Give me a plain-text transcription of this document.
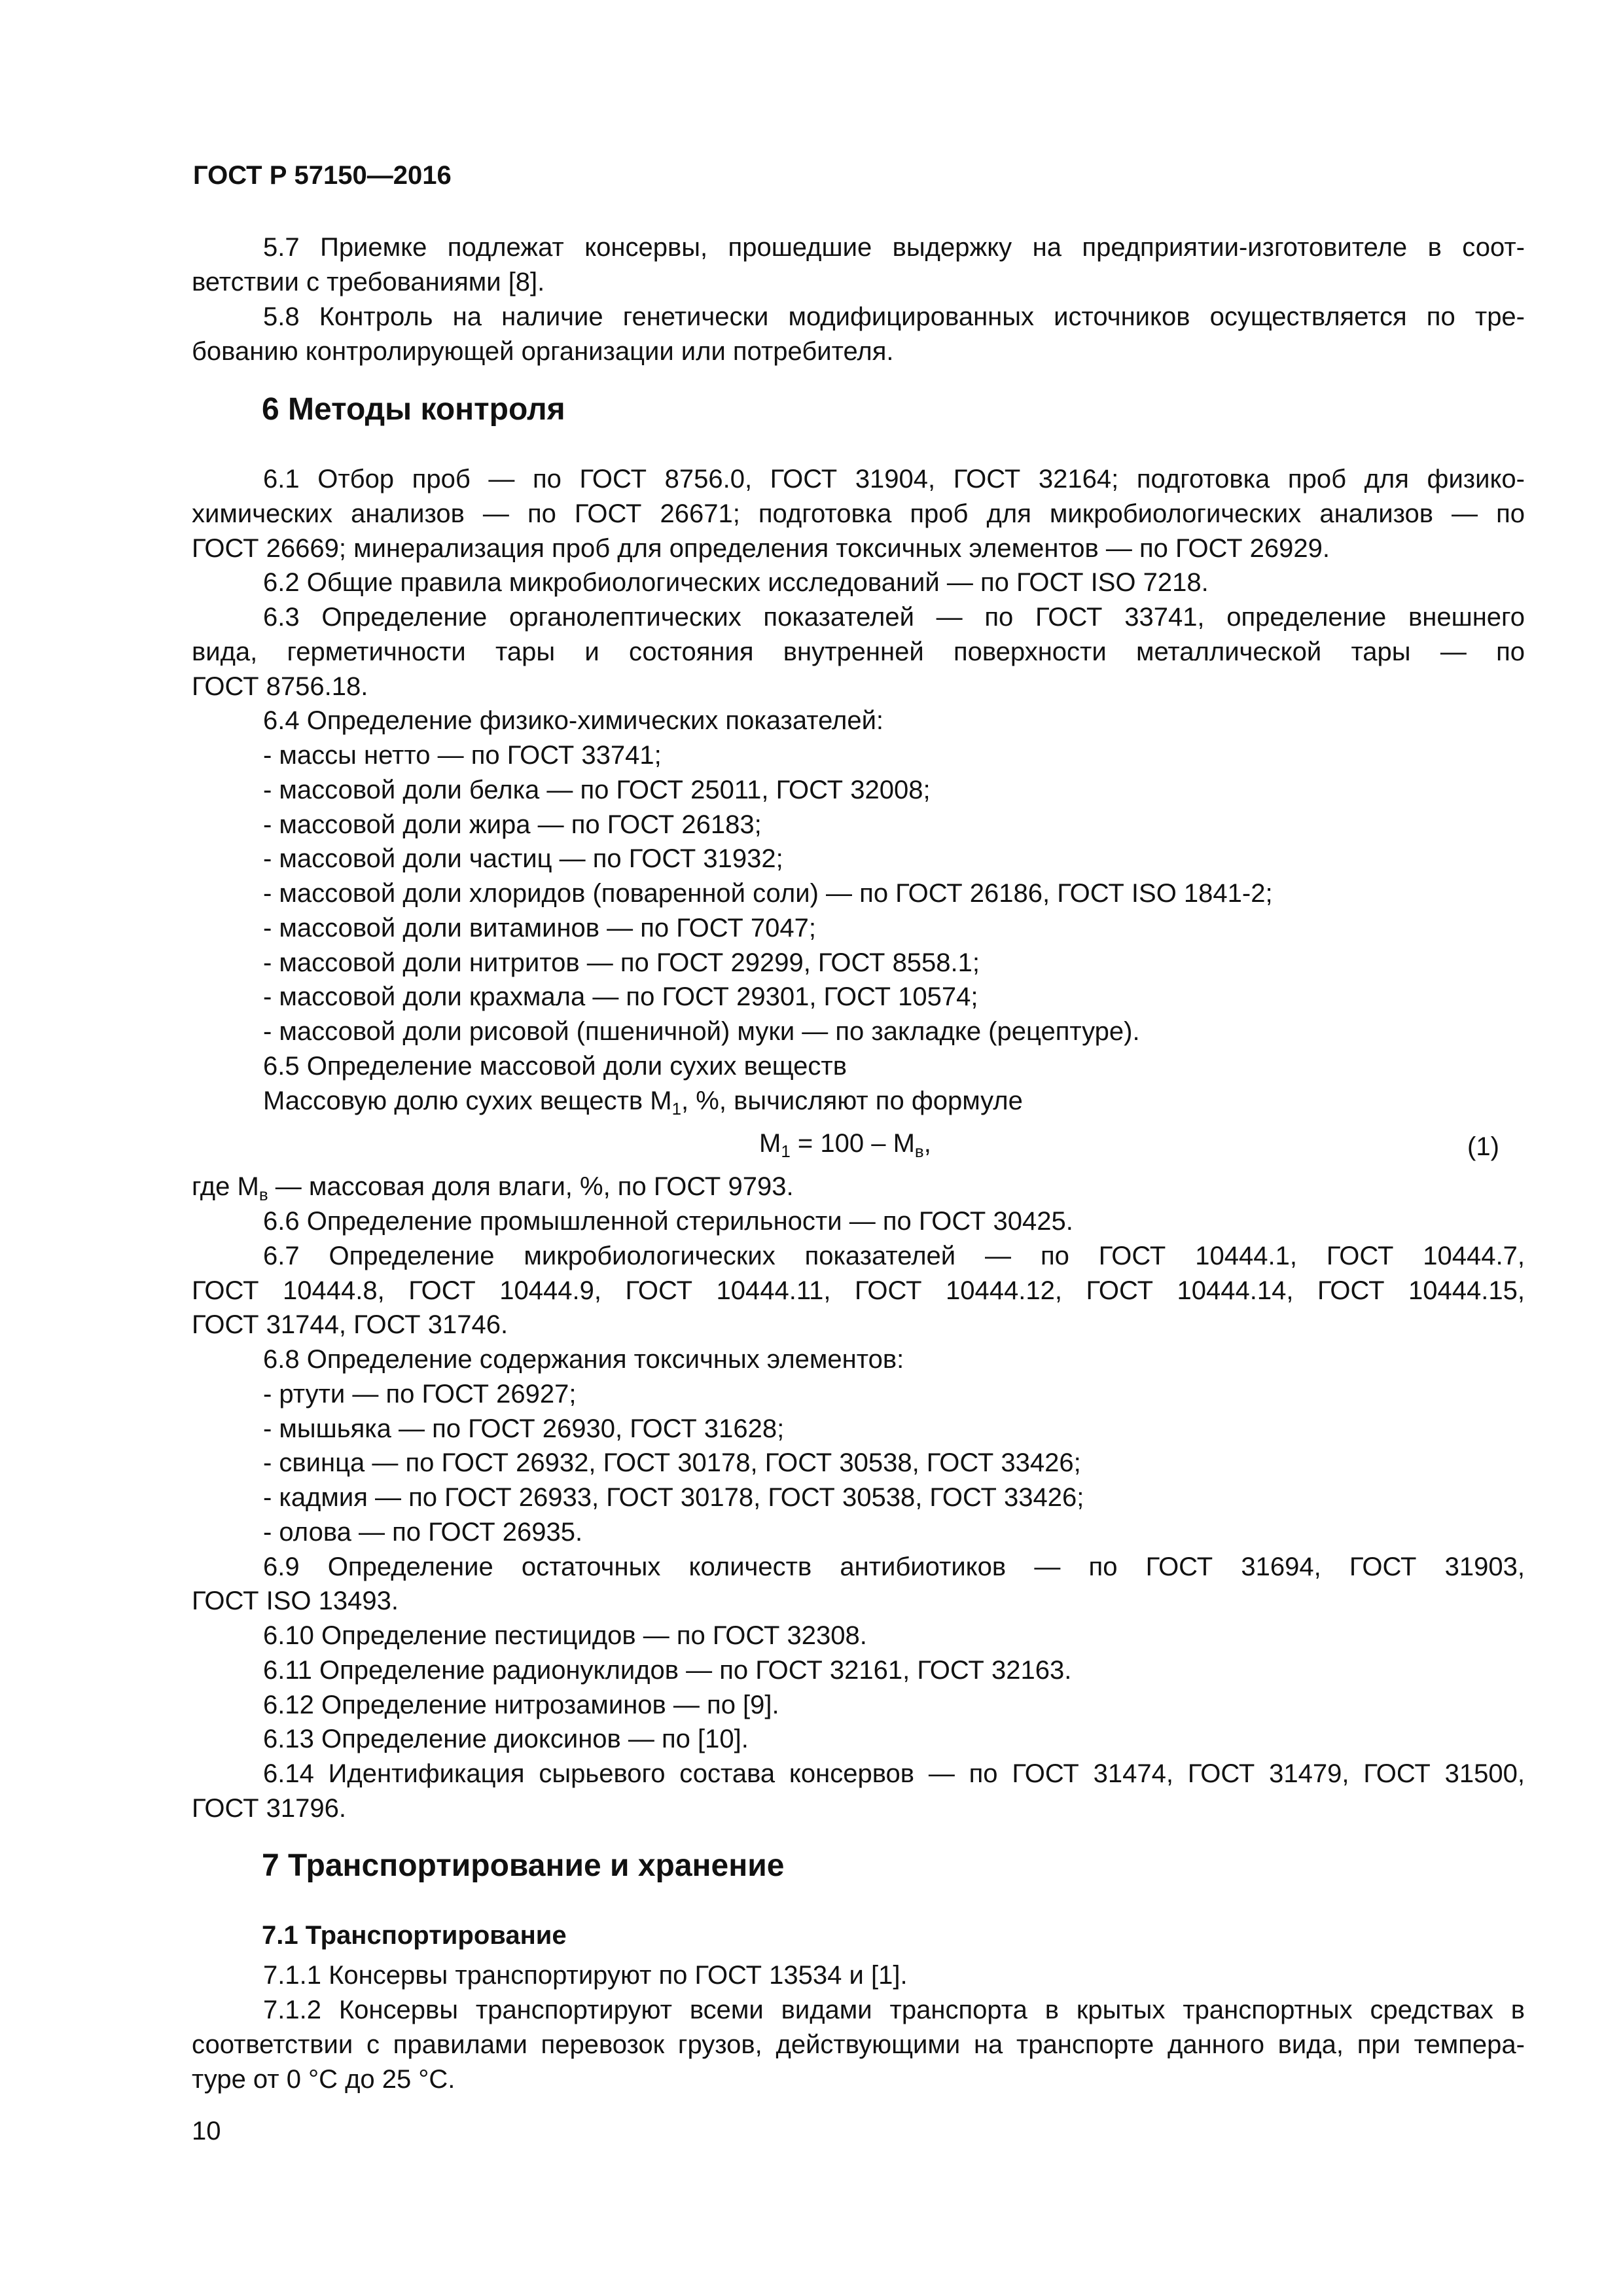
ГОСТ Р 57150—2016
5.7 Приемке подлежат консервы, прошедшие выдержку на предприятии-изготовителе в соот-
ветствии с требованиями [8].
5.8 Контроль на наличие генетически модифицированных источников осуществляется по тре-
бованию контролирующей организации или потребителя.
6 Методы контроля
6.1 Отбор проб — по ГОСТ 8756.0, ГОСТ 31904, ГОСТ 32164; подготовка проб для физико-
химических анализов — по ГОСТ 26671; подготовка проб для микробиологических анализов — по
ГОСТ 26669; минерализация проб для определения токсичных элементов — по ГОСТ 26929.
6.2 Общие правила микробиологических исследований — по ГОСТ ISO 7218.
6.3 Определение органолептических показателей — по ГОСТ 33741, определение внешнего
вида, герметичности тары и состояния внутренней поверхности металлической тары — по
ГОСТ 8756.18.
6.4 Определение физико-химических показателей:
- массы нетто — по ГОСТ 33741;
- массовой доли белка — по ГОСТ 25011, ГОСТ 32008;
- массовой доли жира — по ГОСТ 26183;
- массовой доли частиц — по ГОСТ 31932;
- массовой доли хлоридов (поваренной соли) — по ГОСТ 26186, ГОСТ ISO 1841-2;
- массовой доли витаминов — по ГОСТ 7047;
- массовой доли нитритов — по ГОСТ 29299, ГОСТ 8558.1;
- массовой доли крахмала — по ГОСТ 29301, ГОСТ 10574;
- массовой доли рисовой (пшеничной) муки — по закладке (рецептуре).
6.5 Определение массовой доли сухих веществ
Массовую долю сухих веществ $М_1$, %, вычисляют по формуле
$М_1 = 100 - М_в$,	(1)
где $М_в$ — массовая доля влаги, %, по ГОСТ 9793.
6.6 Определение промышленной стерильности — по ГОСТ 30425.
6.7 Определение микробиологических показателей — по ГОСТ 10444.1, ГОСТ 10444.7,
ГОСТ 10444.8, ГОСТ 10444.9, ГОСТ 10444.11, ГОСТ 10444.12, ГОСТ 10444.14, ГОСТ 10444.15,
ГОСТ 31744, ГОСТ 31746.
6.8 Определение содержания токсичных элементов:
- ртути — по ГОСТ 26927;
- мышьяка — по ГОСТ 26930, ГОСТ 31628;
- свинца — по ГОСТ 26932, ГОСТ 30178, ГОСТ 30538, ГОСТ 33426;
- кадмия — по ГОСТ 26933, ГОСТ 30178, ГОСТ 30538, ГОСТ 33426;
- олова — по ГОСТ 26935.
6.9 Определение остаточных количеств антибиотиков — по ГОСТ 31694, ГОСТ 31903,
ГОСТ ISO 13493.
6.10 Определение пестицидов — по ГОСТ 32308.
6.11 Определение радионуклидов — по ГОСТ 32161, ГОСТ 32163.
6.12 Определение нитрозаминов — по [9].
6.13 Определение диоксинов — по [10].
6.14 Идентификация сырьевого состава консервов — по ГОСТ 31474, ГОСТ 31479, ГОСТ 31500,
ГОСТ 31796.
7 Транспортирование и хранение
7.1 Транспортирование
7.1.1 Консервы транспортируют по ГОСТ 13534 и [1].
7.1.2 Консервы транспортируют всеми видами транспорта в крытых транспортных средствах в
соответствии с правилами перевозок грузов, действующими на транспорте данного вида, при темпера-
туре от 0 °С до 25 °С.
10
